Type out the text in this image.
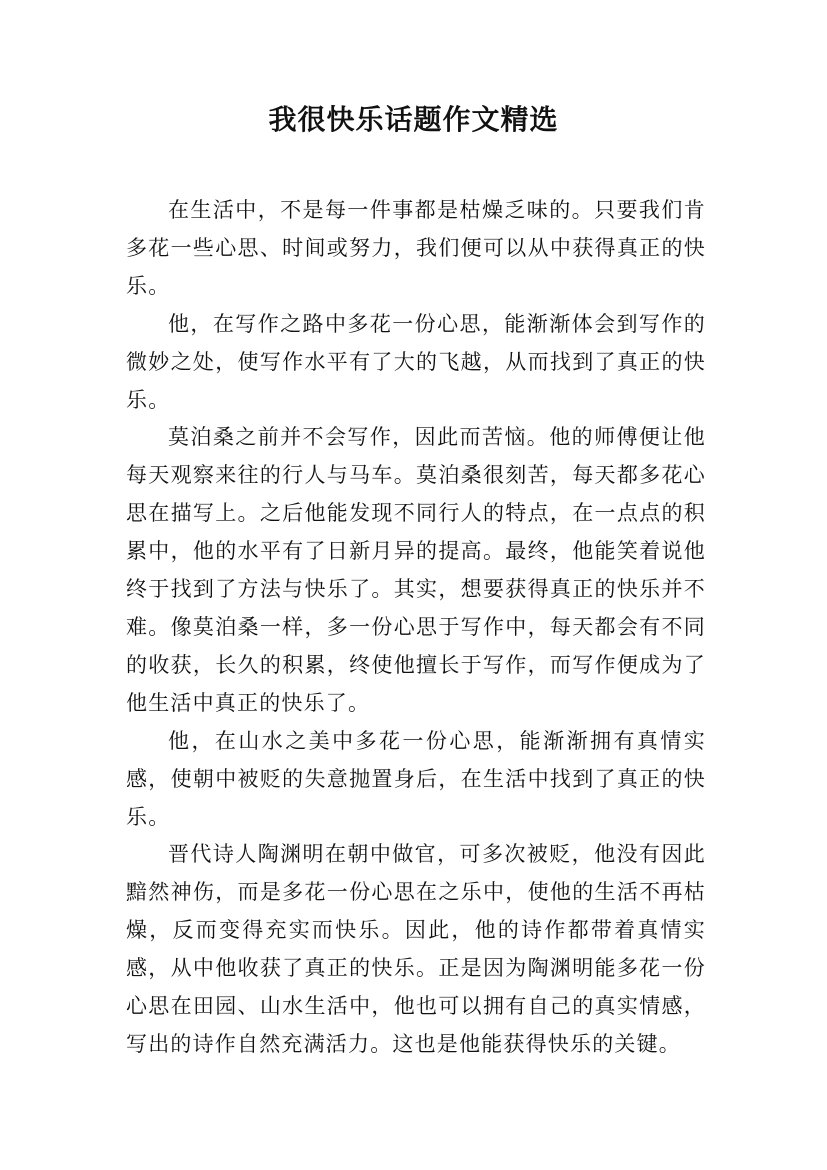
我很快乐话题作文精选

在生活中，不是每一件事都是枯燥乏味的。只要我们肯多花一些心思、时间或努力，我们便可以从中获得真正的快乐。

他，在写作之路中多花一份心思，能渐渐体会到写作的微妙之处，使写作水平有了大的飞越，从而找到了真正的快乐。

莫泊桑之前并不会写作，因此而苦恼。他的师傅便让他每天观察来往的行人与马车。莫泊桑很刻苦，每天都多花心思在描写上。之后他能发现不同行人的特点，在一点点的积累中，他的水平有了日新月异的提高。最终，他能笑着说他终于找到了方法与快乐了。其实，想要获得真正的快乐并不难。像莫泊桑一样，多一份心思于写作中，每天都会有不同的收获，长久的积累，终使他擅长于写作，而写作便成为了他生活中真正的快乐了。

他，在山水之美中多花一份心思，能渐渐拥有真情实感，使朝中被贬的失意抛置身后，在生活中找到了真正的快乐。

晋代诗人陶渊明在朝中做官，可多次被贬，他没有因此黯然神伤，而是多花一份心思在之乐中，使他的生活不再枯燥，反而变得充实而快乐。因此，他的诗作都带着真情实感，从中他收获了真正的快乐。正是因为陶渊明能多花一份心思在田园、山水生活中，他也可以拥有自己的真实情感，写出的诗作自然充满活力。这也是他能获得快乐的关键。
